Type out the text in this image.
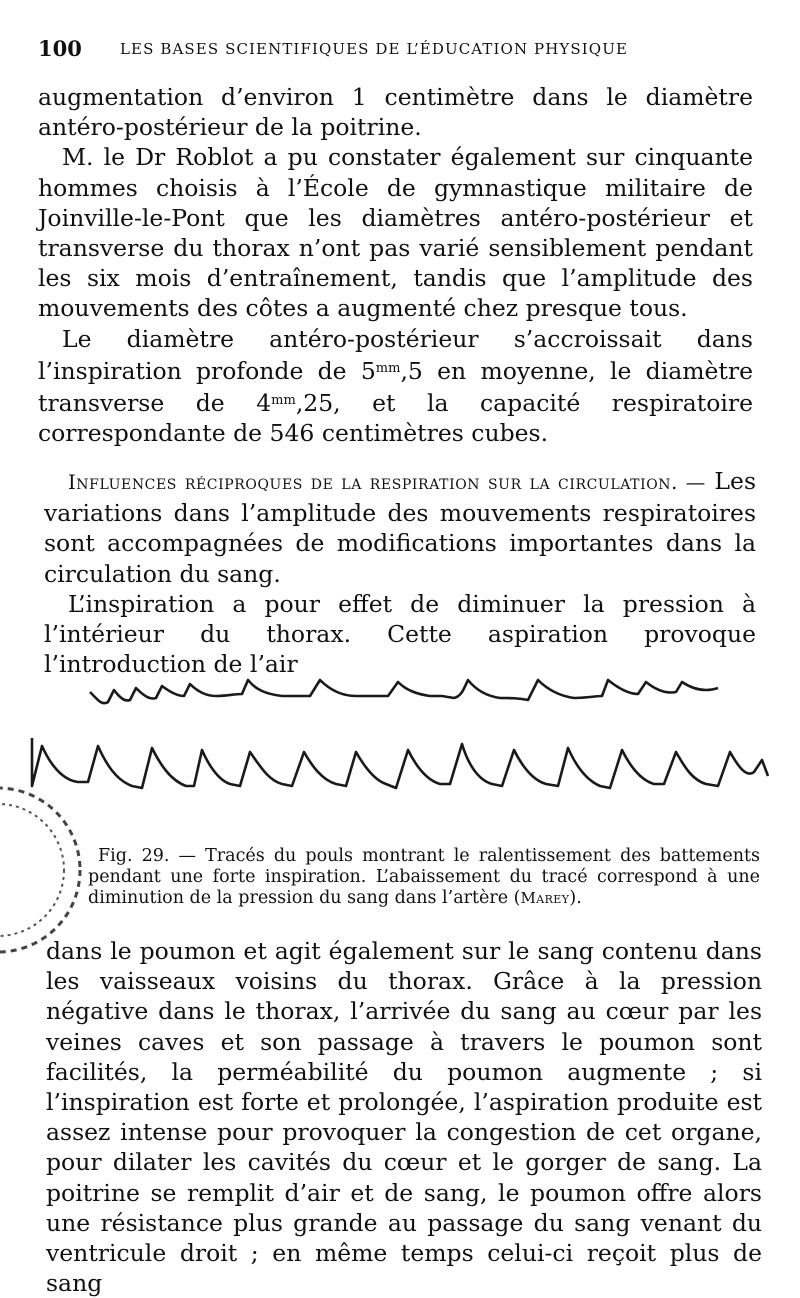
100	LES BASES SCIENTIFIQUES DE L’ÉDUCATION PHYSIQUE

augmentation d’environ 1 centimètre dans le diamètre antéro-postérieur de la poitrine.

M. le Dr Roblot a pu constater également sur cinquante hommes choisis à l’École de gymnastique militaire de Joinville-le-Pont que les diamètres antéro-postérieur et transverse du thorax n’ont pas varié sensiblement pendant les six mois d’entraînement, tandis que l’amplitude des mouvements des côtes a augmenté chez presque tous.

Le diamètre antéro-postérieur s’accroissait dans l’inspiration profonde de $5^{mm},5$ en moyenne, le diamètre transverse de $4^{mm},25$, et la capacité respiratoire correspondante de 546 centimètres cubes.

Influences réciproques de la respiration sur la circulation. — Les variations dans l’amplitude des mouvements respiratoires sont accompagnées de modifications importantes dans la circulation du sang.

L’inspiration a pour effet de diminuer la pression à l’intérieur du thorax. Cette aspiration provoque l’introduction de l’air

Fig. 29. — Tracés du pouls montrant le ralentissement des battements pendant une forte inspiration. L’abaissement du tracé correspond à une diminution de la pression du sang dans l’artère (Marey).

dans le poumon et agit également sur le sang contenu dans les vaisseaux voisins du thorax. Grâce à la pression négative dans le thorax, l’arrivée du sang au cœur par les veines caves et son passage à travers le poumon sont facilités, la perméabilité du poumon augmente ; si l’inspiration est forte et prolongée, l’aspiration produite est assez intense pour provoquer la congestion de cet organe, pour dilater les cavités du cœur et le gorger de sang. La poitrine se remplit d’air et de sang, le poumon offre alors une résistance plus grande au passage du sang venant du ventricule droit ; en même temps celui-ci reçoit plus de sang
